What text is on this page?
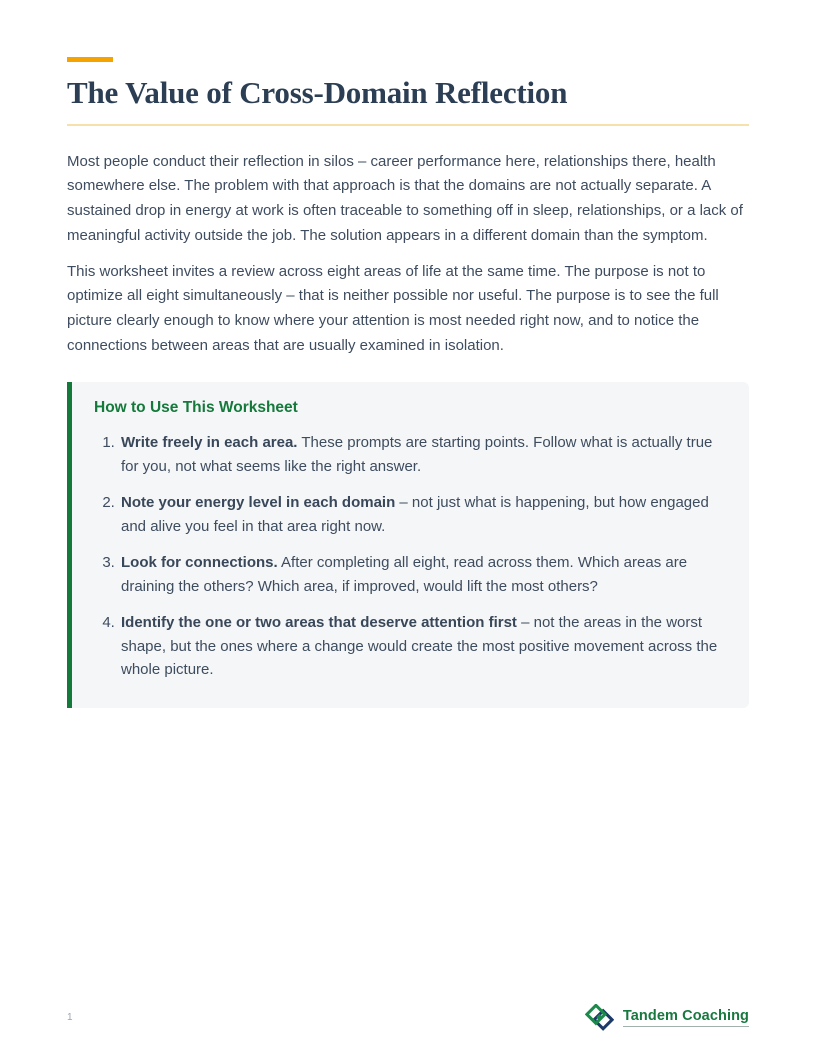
The Value of Cross-Domain Reflection

Most people conduct their reflection in silos – career performance here, relationships there, health somewhere else. The problem with that approach is that the domains are not actually separate. A sustained drop in energy at work is often traceable to something off in sleep, relationships, or a lack of meaningful activity outside the job. The solution appears in a different domain than the symptom.

This worksheet invites a review across eight areas of life at the same time. The purpose is not to optimize all eight simultaneously – that is neither possible nor useful. The purpose is to see the full picture clearly enough to know where your attention is most needed right now, and to notice the connections between areas that are usually examined in isolation.

How to Use This Worksheet
1. Write freely in each area. These prompts are starting points. Follow what is actually true for you, not what seems like the right answer.
2. Note your energy level in each domain – not just what is happening, but how engaged and alive you feel in that area right now.
3. Look for connections. After completing all eight, read across them. Which areas are draining the others? Which area, if improved, would lift the most others?
4. Identify the one or two areas that deserve attention first – not the areas in the worst shape, but the ones where a change would create the most positive movement across the whole picture.
1	Tandem Coaching
